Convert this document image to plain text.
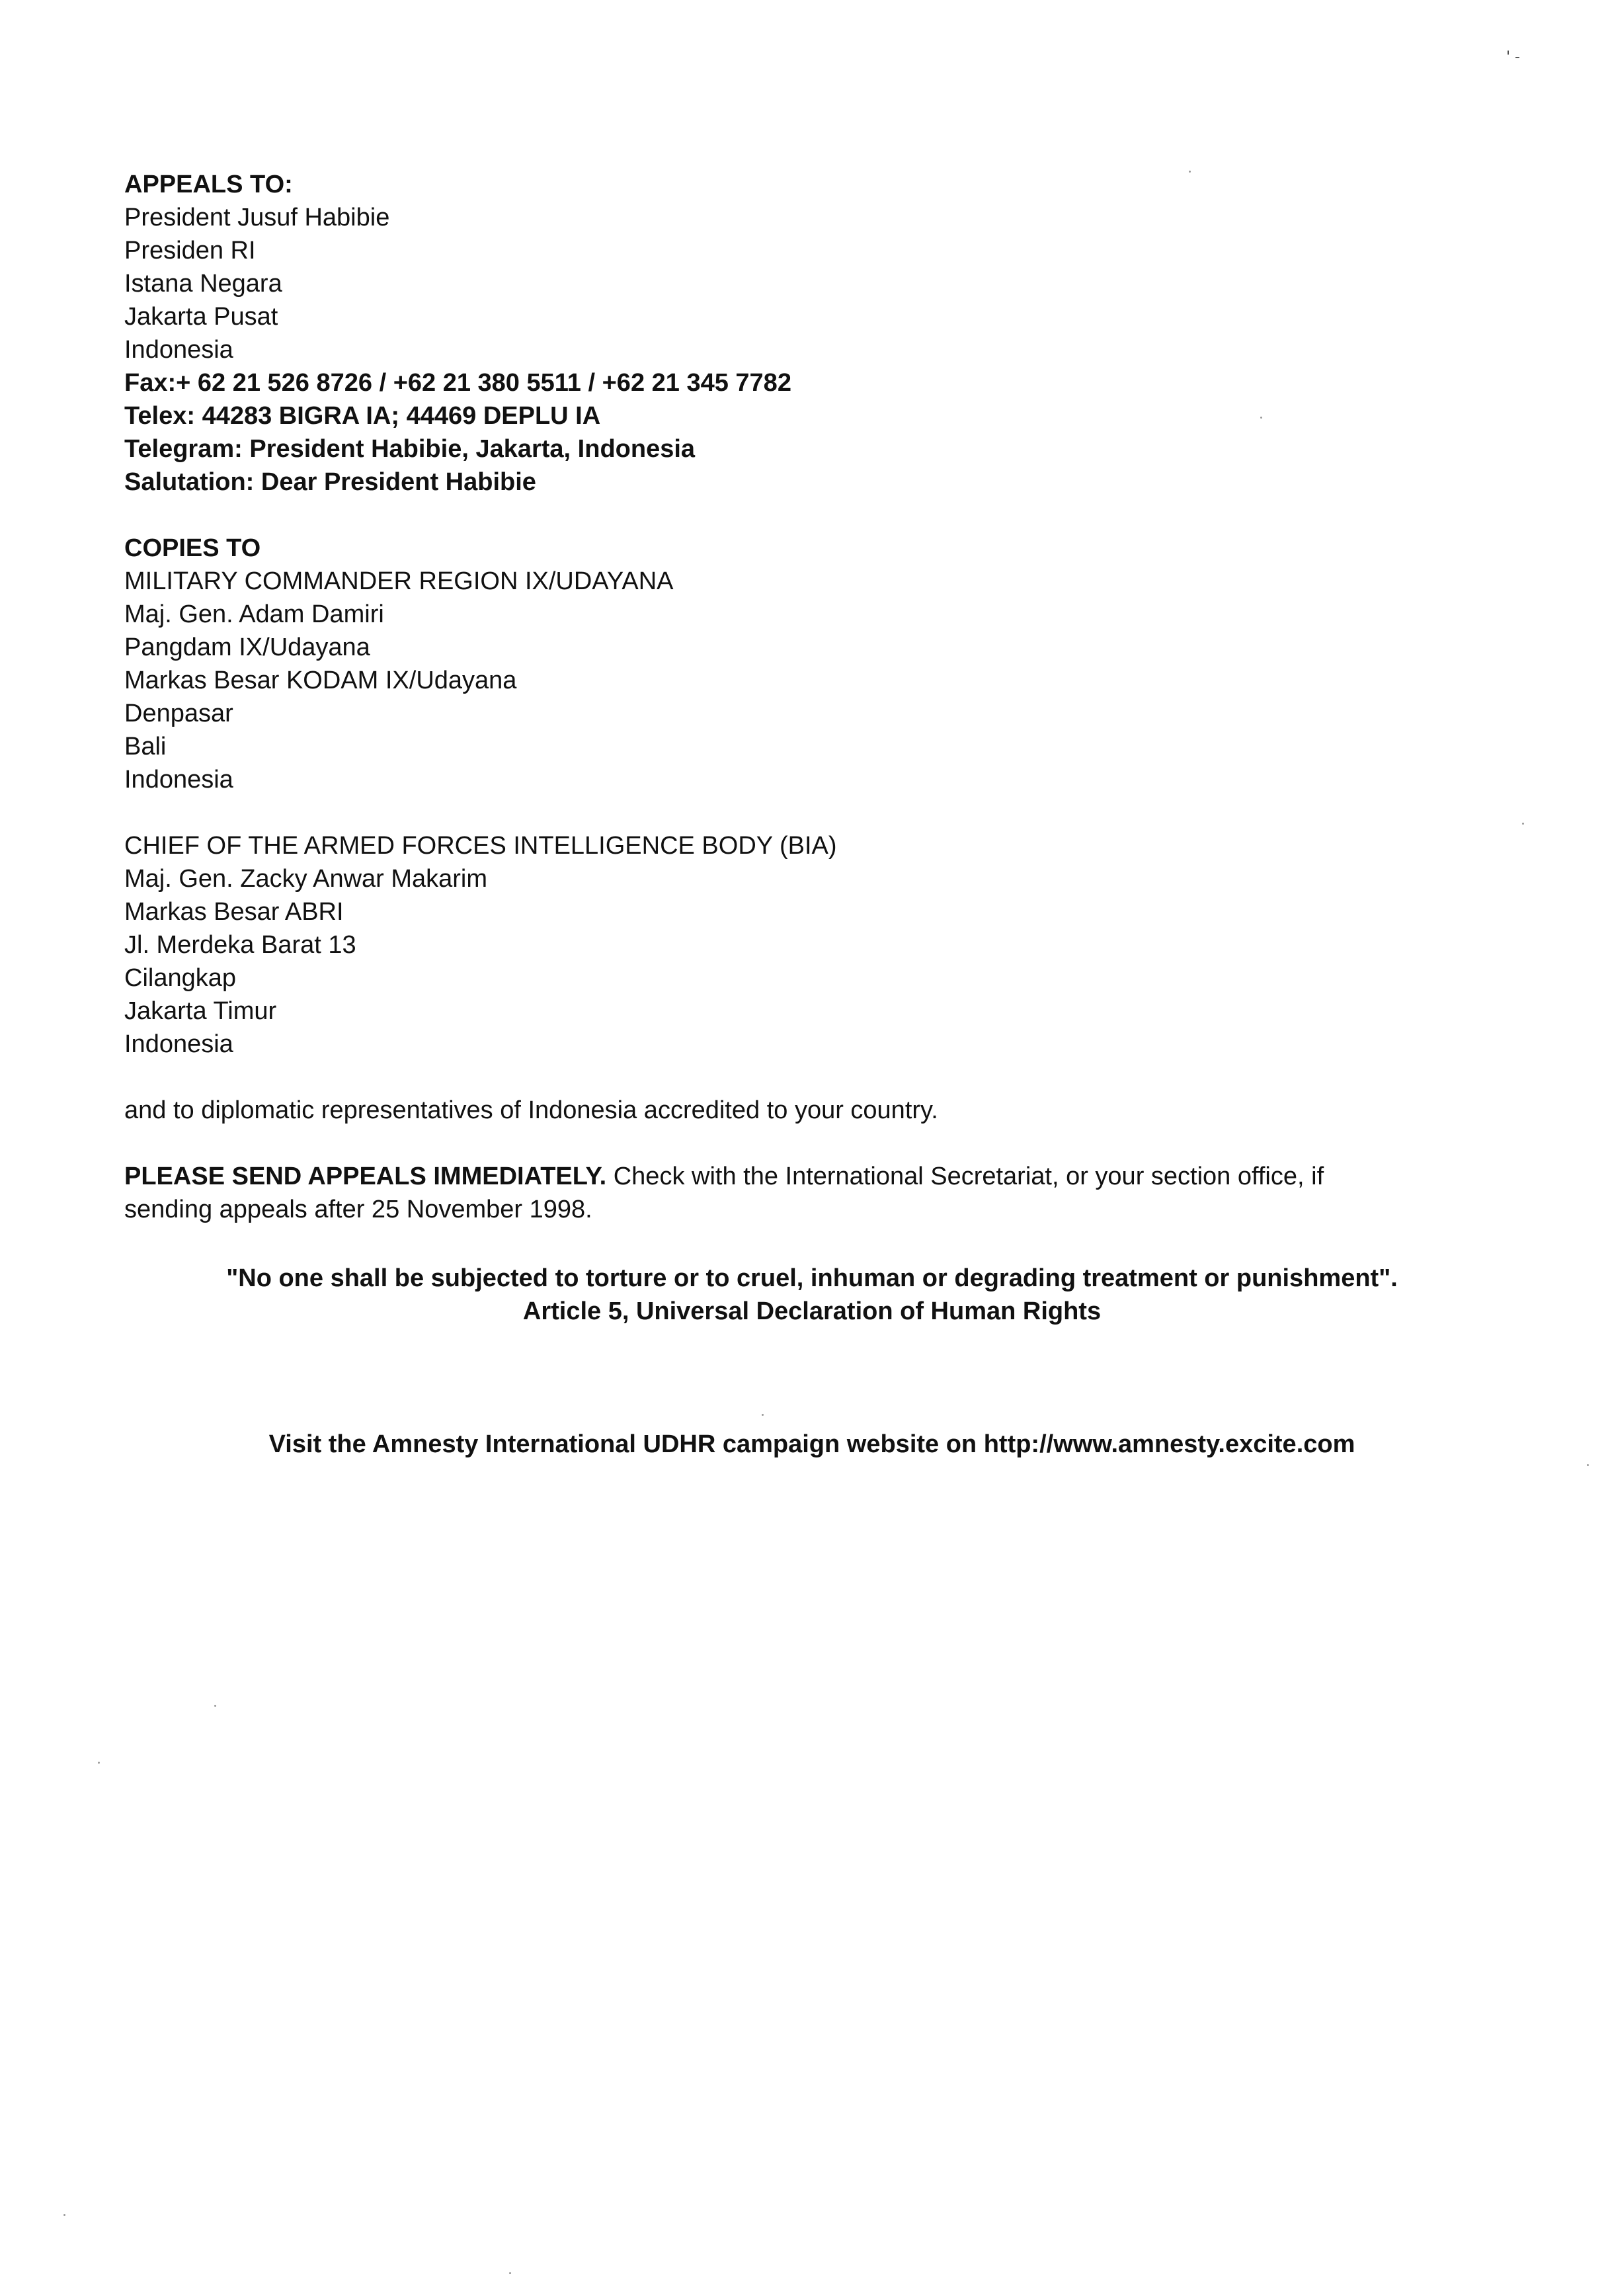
' -
APPEALS TO:
President Jusuf Habibie
Presiden RI
Istana Negara
Jakarta Pusat
Indonesia
Fax:+ 62 21 526 8726 / +62 21 380 5511 / +62 21 345 7782
Telex: 44283 BIGRA IA; 44469 DEPLU IA
Telegram: President Habibie, Jakarta, Indonesia
Salutation: Dear President Habibie
COPIES TO
MILITARY COMMANDER REGION IX/UDAYANA
Maj. Gen. Adam Damiri
Pangdam IX/Udayana
Markas Besar KODAM IX/Udayana
Denpasar
Bali
Indonesia
CHIEF OF THE ARMED FORCES INTELLIGENCE BODY (BIA)
Maj. Gen. Zacky Anwar Makarim
Markas Besar ABRI
Jl. Merdeka Barat 13
Cilangkap
Jakarta Timur
Indonesia
and to diplomatic representatives of Indonesia accredited to your country.
PLEASE SEND APPEALS IMMEDIATELY. Check with the International Secretariat, or your section office, if
sending appeals after 25 November 1998.
"No one shall be subjected to torture or to cruel, inhuman or degrading treatment or punishment".
Article 5, Universal Declaration of Human Rights
Visit the Amnesty International UDHR campaign website on http://www.amnesty.excite.com
